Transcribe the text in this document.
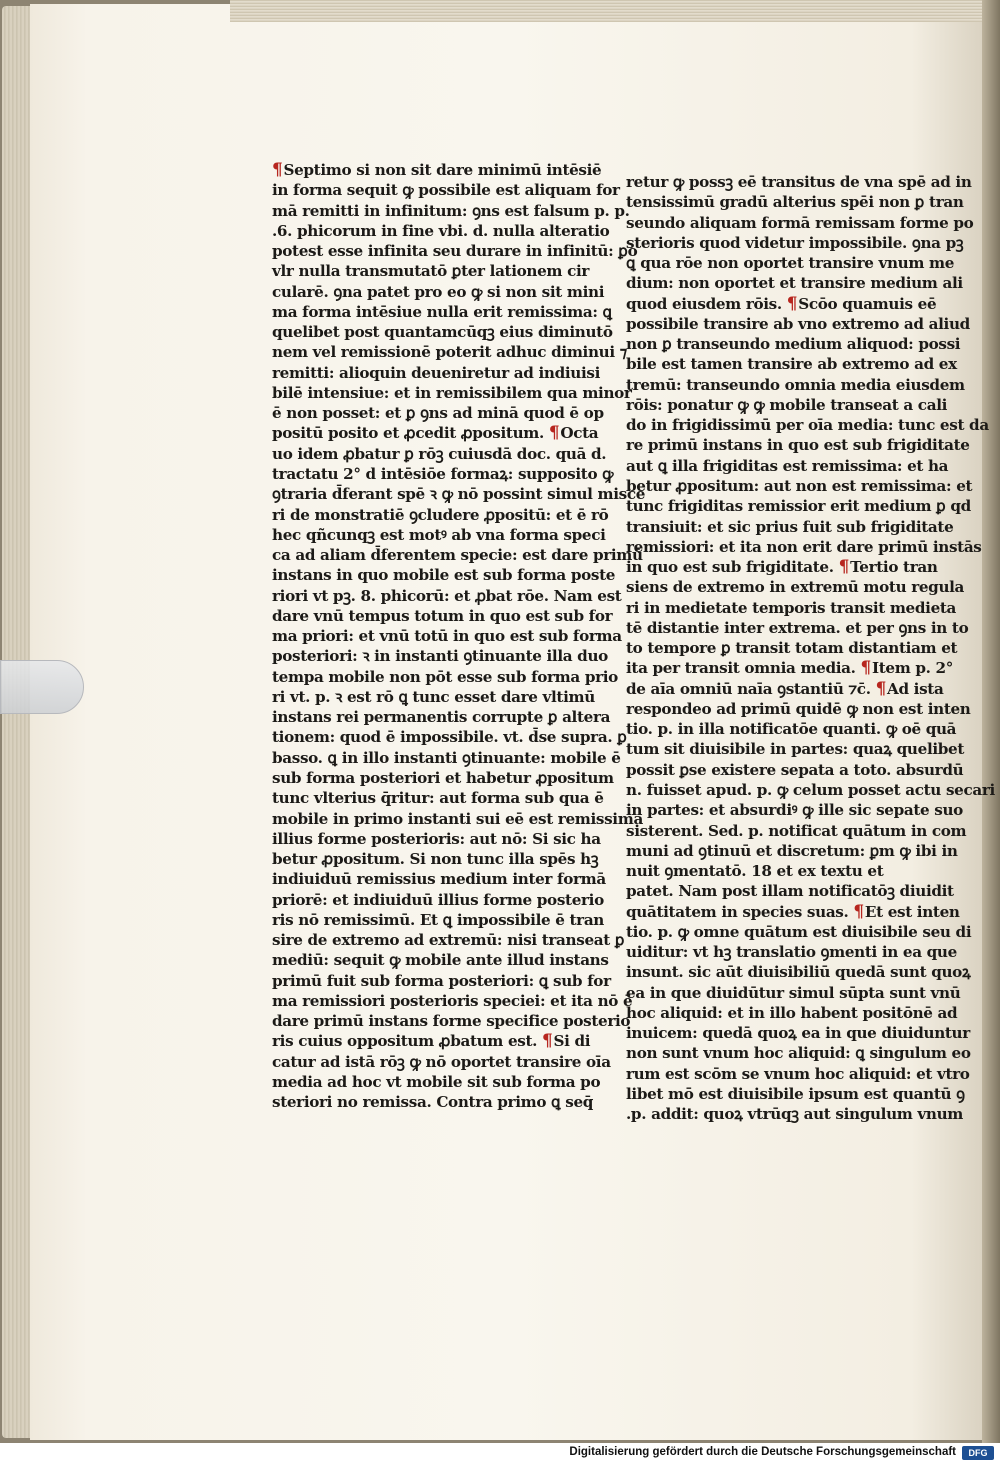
¶Septimo si non sit dare minimū intēsiē
in forma sequit ꝙ possibile est aliquam for
mā remitti in infinitum: ꝯns est falsum p. p.
.6. phicorum in fine vbi. d. nulla alteratio
potest esse infinita seu durare in infinitū: ꝑo
vlr nulla transmutatō ꝑter lationem cir
cularē. ꝯna patet pro eo ꝙ si non sit mini
ma forma intēsiue nulla erit remissima: ꝗ
quelibet post quantamcūqꝫ eius diminutō
nem vel remissionē poterit adhuc diminui ⁊
remitti: alioquin deueniretur ad indiuisi
bilē intensiue: et in remissibilem qua minor
ē non posset: et ꝑ ꝯns ad minā quod ē op
positū posito et ꝓcedit ꝓpositum. ¶Octa
uo idem ꝓbatur ꝑ rōꝫ cuiusdā doc. quā d.
tractatu 2° d intēsiōe formaꝝ: supposito ꝙ
ꝯtraria d̄ferant spē ꝛ ꝙ nō possint simul misce
ri de monstratiē ꝯcludere ꝓpositū: et ē rō
hec qñcunqꝫ est motꝰ ab vna forma speci
ca ad aliam d̄ferentem specie: est dare primū
instans in quo mobile est sub forma poste
riori vt pꝫ. 8. phicorū: et ꝓbat rōe. Nam est
dare vnū tempus totum in quo est sub for
ma priori: et vnū totū in quo est sub forma
posteriori: ꝛ in instanti ꝯtinuante illa duo
tempa mobile non pōt esse sub forma prio
ri vt. p. ꝛ est rō ꝗ tunc esset dare vltimū
instans rei permanentis corrupte ꝑ altera
tionem: quod ē impossibile. vt. d̄se supra. ꝑ
basso. ꝗ in illo instanti ꝯtinuante: mobile ē
sub forma posteriori et habetur ꝓpositum
tunc vlterius q̄ritur: aut forma sub qua ē
mobile in primo instanti sui eē est remissima
illius forme posterioris: aut nō: Si sic ha
betur ꝓpositum. Si non tunc illa spēs hꝫ
indiuiduū remissius medium inter formā
priorē: et indiuiduū illius forme posterio
ris nō remissimū. Et ꝗ impossibile ē tran
sire de extremo ad extremū: nisi transeat ꝑ
mediū: sequit ꝙ mobile ante illud instans
primū fuit sub forma posteriori: ꝗ sub for
ma remissiori posterioris speciei: et ita nō ē
dare primū instans forme specifice posterio
ris cuius oppositum ꝓbatum est. ¶Si di
catur ad istā rōꝫ ꝙ nō oportet transire oīa
media ad hoc vt mobile sit sub forma po
steriori no remissa. Contra primo ꝗ seq̄
retur ꝙ possꝫ eē transitus de vna spē ad in
tensissimū gradū alterius spēi non ꝑ tran
seundo aliquam formā remissam forme po
sterioris quod videtur impossibile. ꝯna pꝫ
ꝗ qua rōe non oportet transire vnum me
dium: non oportet et transire medium ali
quod eiusdem rōis. ¶Scōo quamuis eē
possibile transire ab vno extremo ad aliud
non ꝑ transeundo medium aliquod: possi
bile est tamen transire ab extremo ad ex
tremū: transeundo omnia media eiusdem
rōis: ponatur ꝙ ꝙ mobile transeat a cali
do in frigidissimū per oīa media: tunc est da
re primū instans in quo est sub frigiditate
aut ꝗ illa frigiditas est remissima: et ha
betur ꝓpositum: aut non est remissima: et
tunc frigiditas remissior erit medium ꝑ qd
transiuit: et sic prius fuit sub frigiditate
remissiori: et ita non erit dare primū instās
in quo est sub frigiditate. ¶Tertio tran
siens de extremo in extremū motu regula
ri in medietate temporis transit medieta
tē distantie inter extrema. et per ꝯns in to
to tempore ꝑ transit totam distantiam et
ita per transit omnia media. ¶Item p. 2°
de aīa omniū naīa ꝯstantiū ⁊c̄. ¶Ad ista
respondeo ad primū quidē ꝙ non est inten
tio. p. in illa notificatōe quanti. ꝙ oē quā
tum sit diuisibile in partes: quaꝝ quelibet
possit ꝑse existere sepata a toto. absurdū
n. fuisset apud. p. ꝙ celum posset actu secari
in partes: et absurdiꝰ ꝙ ille sic sepate suo
sisterent. Sed. p. notificat quātum in com
muni ad ꝯtinuū et discretum: ꝑm ꝙ ibi in
nuit ꝯmentatō. 18 et ex textu et
patet. Nam post illam notificatōꝫ diuidit
quātitatem in species suas. ¶Et est inten
tio. p. ꝙ omne quātum est diuisibile seu di
uiditur: vt hꝫ translatio ꝯmenti in ea que
insunt. sic aūt diuisibiliū quedā sunt quoꝝ
ea in que diuidūtur simul sūpta sunt vnū
hoc aliquid: et in illo habent positōnē ad
inuicem: quedā quoꝝ ea in que diuiduntur
non sunt vnum hoc aliquid: ꝗ singulum eo
rum est scōm se vnum hoc aliquid: et vtro
libet mō est diuisibile ipsum est quantū ꝯ
.p. addit: quoꝝ vtrūqꝫ aut singulum vnum
Digitalisierung gefördert durch die Deutsche Forschungsgemeinschaft	DFG
